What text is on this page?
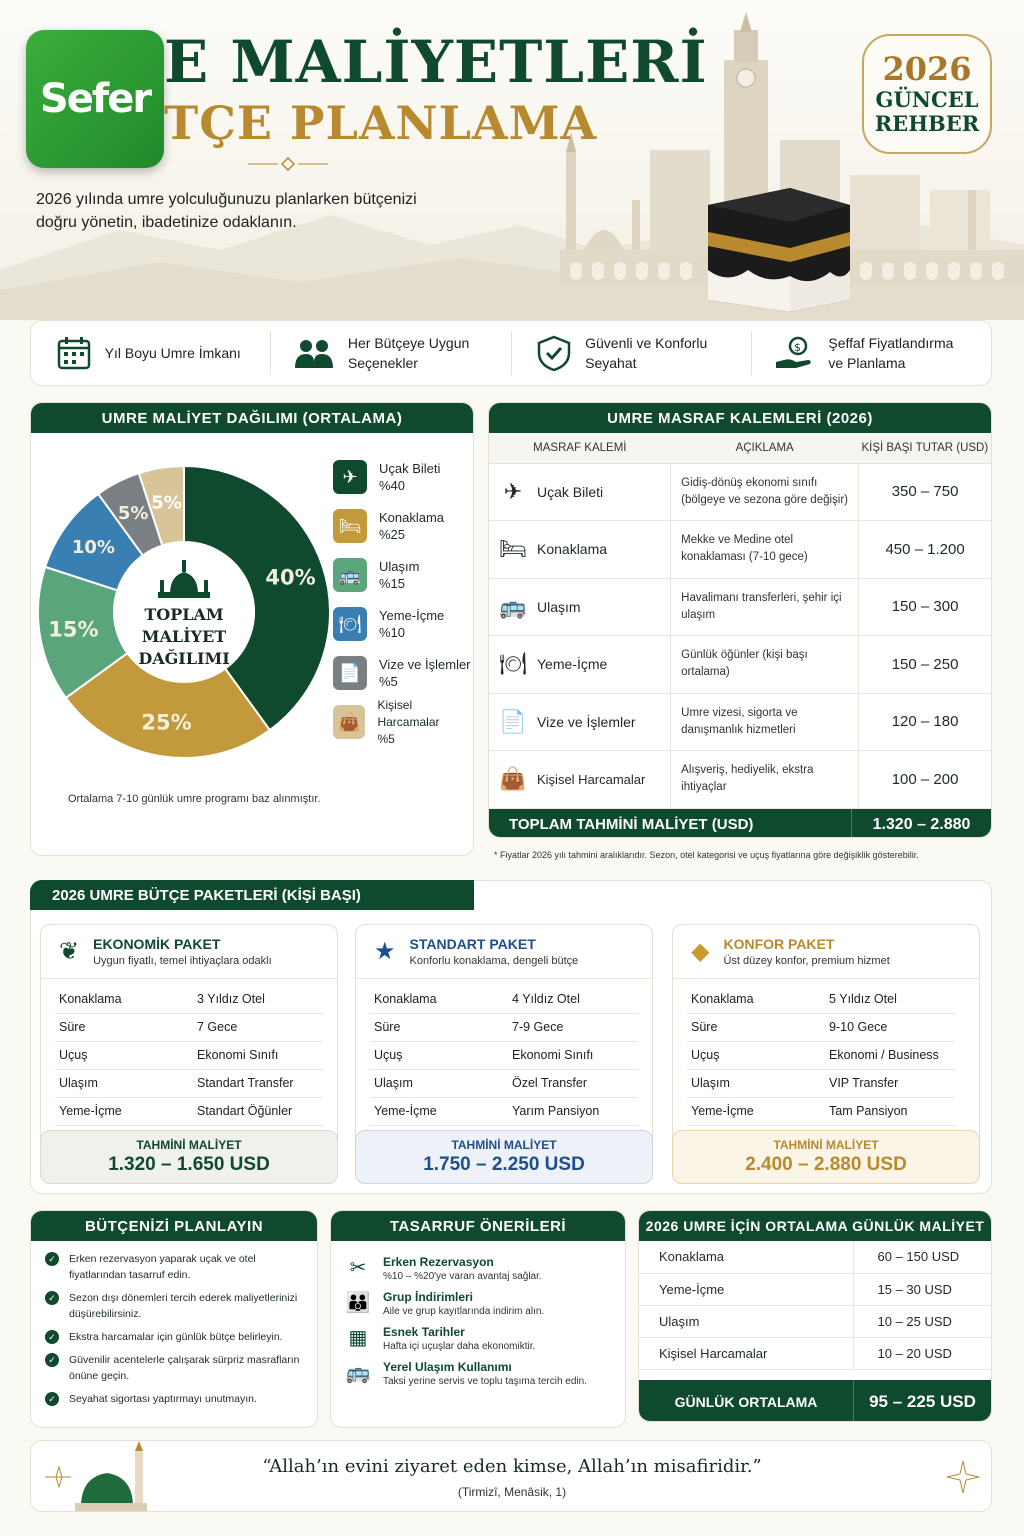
Sefer
E MALİYETLERİ
TÇE PLANLAMA
2026 yılında umre yolculuğunuzu planlarken bütçenizi doğru yönetin, ibadetinize odaklanın.
2026
GÜNCEL
REHBER
Yıl Boyu Umre İmkanı
Her Bütçeye Uygun Seçenekler
Güvenli ve Konforlu Seyahat
$ Şeffaf Fiyatlandırma ve Planlama
UMRE MALİYET DAĞILIMI (ORTALAMA)
✈	Uçak Bileti
%40
🛏	Konaklama
%25
🚌	Ulaşım
%15
🍽	Yeme-İçme
%10
📄	Vize ve İşlemler
%5
👜
Kişisel Harcamalar
%5
40%
25%
15%
10%
5%
5%
TOPLAM
MALİYET
DAĞILIMI
Ortalama 7-10 günlük umre programı baz alınmıştır.
UMRE MASRAF KALEMLERİ (2026)
MASRAF KALEMİ		AÇIKLAMA	KİŞİ BAŞI TUTAR (USD)
✈	Uçak Bileti	Gidiş-dönüş ekonomi sınıfı (bölgeye ve sezona göre değişir)	350 – 750
🛏	Konaklama	Mekke ve Medine otel konaklaması (7-10 gece)	450 – 1.200
🚌	Ulaşım	Havalimanı transferleri, şehir içi ulaşım	150 – 300
🍽	Yeme-İçme	Günlük öğünler (kişi başı ortalama)	150 – 250
📄	Vize ve İşlemler	Umre vizesi, sigorta ve danışmanlık hizmetleri	120 – 180
👜	Kişisel Harcamalar	Alışveriş, hediyelik, ekstra ihtiyaçlar	100 – 200
TOPLAM TAHMİNİ MALİYET (USD)	1.320 – 2.880
* Fiyatlar 2026 yılı tahmini aralıklarıdır. Sezon, otel kategorisi ve uçuş fiyatlarına göre değişiklik gösterebilir.
2026 UMRE BÜTÇE PAKETLERİ (KİŞİ BAŞI)
❦ EKONOMİK PAKET
Uygun fiyatlı, temel ihtiyaçlara odaklı
Konaklama	3 Yıldız Otel
Süre	7 Gece
Uçuş	Ekonomi Sınıfı
Ulaşım	Standart Transfer
Yeme-İçme	Standart Öğünler
TAHMİNİ MALİYET
1.320 – 1.650 USD
★ STANDART PAKET
Konforlu konaklama, dengeli bütçe
Konaklama	4 Yıldız Otel
Süre	7-9 Gece
Uçuş	Ekonomi Sınıfı
Ulaşım	Özel Transfer
Yeme-İçme	Yarım Pansiyon
TAHMİNİ MALİYET
1.750 – 2.250 USD
◆ KONFOR PAKET
Üst düzey konfor, premium hizmet
Konaklama	5 Yıldız Otel
Süre	9-10 Gece
Uçuş	Ekonomi / Business
Ulaşım	VIP Transfer
Yeme-İçme	Tam Pansiyon
TAHMİNİ MALİYET
2.400 – 2.880 USD
BÜTÇENİZİ PLANLAYIN
✓	Erken rezervasyon yaparak uçak ve otel fiyatlarından tasarruf edin.
✓	Sezon dışı dönemleri tercih ederek maliyetlerinizi düşürebilirsiniz.
✓	Ekstra harcamalar için günlük bütçe belirleyin.
✓	Güvenilir acentelerle çalışarak sürpriz masrafların önüne geçin.
✓	Seyahat sigortası yaptırmayı unutmayın.
TASARRUF ÖNERİLERİ
✂	Erken Rezervasyon
%10 – %20'ye varan avantaj sağlar.
👪 Grup İndirimleri
Aile ve grup kayıtlarında indirim alın.
▦ Esnek Tarihler
Hafta içi uçuşlar daha ekonomiktir.
🚌 Yerel Ulaşım Kullanımı
Taksi yerine servis ve toplu taşıma tercih edin.
2026 UMRE İÇİN ORTALAMA GÜNLÜK MALİYET
Konaklama	60 – 150 USD
Yeme-İçme	15 – 30 USD
Ulaşım	10 – 25 USD
Kişisel Harcamalar	10 – 20 USD
GÜNLÜK ORTALAMA	95 – 225 USD
“Allah’ın evini ziyaret eden kimse, Allah’ın misafiridir.”
(Tirmizî, Menâsik, 1)
